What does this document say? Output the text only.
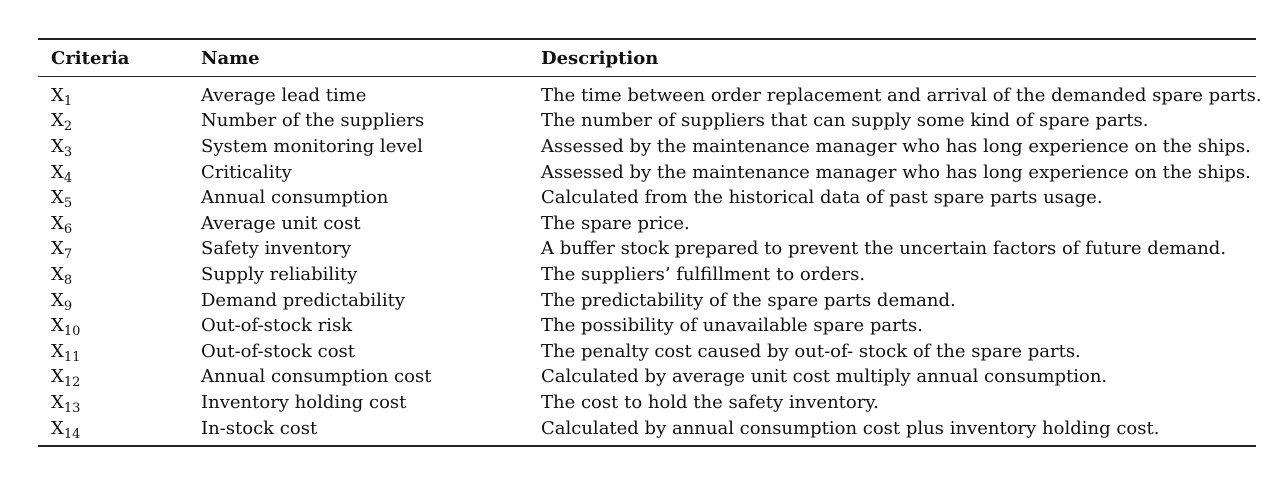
Criteria	Name	Description
$X_1$	Average lead time	The time between order replacement and arrival of the demanded spare parts.
$X_2$	Number of the suppliers	The number of suppliers that can supply some kind of spare parts.
$X_3$	System monitoring level	Assessed by the maintenance manager who has long experience on the ships.
$X_4$	Criticality	Assessed by the maintenance manager who has long experience on the ships.
$X_5$	Annual consumption	Calculated from the historical data of past spare parts usage.
$X_6$	Average unit cost	The spare price.
$X_7$	Safety inventory	A buffer stock prepared to prevent the uncertain factors of future demand.
$X_8$	Supply reliability	The suppliers’ fulfillment to orders.
$X_9$	Demand predictability	The predictability of the spare parts demand.
$X_{10}$	Out-of-stock risk	The possibility of unavailable spare parts.
$X_{11}$	Out-of-stock cost	The penalty cost caused by out-of- stock of the spare parts.
$X_{12}$	Annual consumption cost	Calculated by average unit cost multiply annual consumption.
$X_{13}$	Inventory holding cost	The cost to hold the safety inventory.
$X_{14}$	In-stock cost	Calculated by annual consumption cost plus inventory holding cost.
